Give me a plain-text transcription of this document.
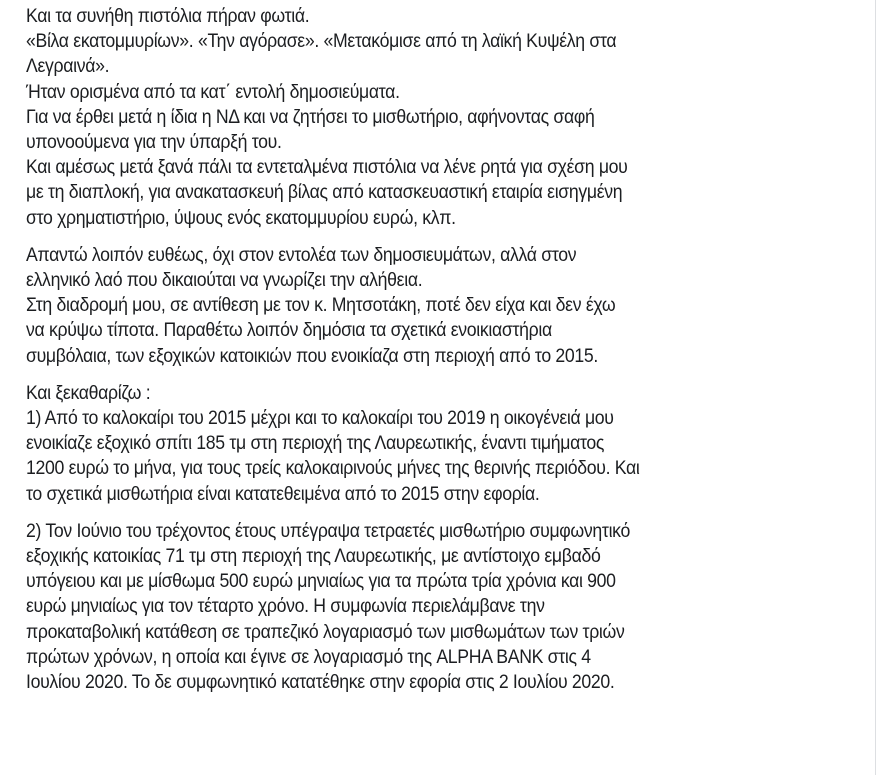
Και τα συνήθη πιστόλια πήραν φωτιά.
«Βίλα εκατομμυρίων». «Την αγόρασε». «Μετακόμισε από τη λαϊκή Κυψέλη στα
Λεγραινά».
Ήταν ορισμένα από τα κατ΄ εντολή δημοσιεύματα.
Για να έρθει μετά η ίδια η ΝΔ και να ζητήσει το μισθωτήριο, αφήνοντας σαφή
υπονοούμενα για την ύπαρξή του.
Και αμέσως μετά ξανά πάλι τα εντεταλμένα πιστόλια να λένε ρητά για σχέση μου
με τη διαπλοκή, για ανακατασκευή βίλας από κατασκευαστική εταιρία εισηγμένη
στο χρηματιστήριο, ύψους ενός εκατομμυρίου ευρώ, κλπ.

Απαντώ λοιπόν ευθέως, όχι στον εντολέα των δημοσιευμάτων, αλλά στον
ελληνικό λαό που δικαιούται να γνωρίζει την αλήθεια.
Στη διαδρομή μου, σε αντίθεση με τον κ. Μητσοτάκη, ποτέ δεν είχα και δεν έχω
να κρύψω τίποτα. Παραθέτω λοιπόν δημόσια τα σχετικά ενοικιαστήρια
συμβόλαια, των εξοχικών κατοικιών που ενοικίαζα στη περιοχή από το 2015.

Και ξεκαθαρίζω :
1) Από το καλοκαίρι του 2015 μέχρι και το καλοκαίρι του 2019 η οικογένειά μου
ενοικίαζε εξοχικό σπίτι 185 τμ στη περιοχή της Λαυρεωτικής, έναντι τιμήματος
1200 ευρώ το μήνα, για τους τρείς καλοκαιρινούς μήνες της θερινής περιόδου. Και
το σχετικά μισθωτήρια είναι κατατεθειμένα από το 2015 στην εφορία.

2) Τον Ιούνιο του τρέχοντος έτους υπέγραψα τετραετές μισθωτήριο συμφωνητικό
εξοχικής κατοικίας 71 τμ στη περιοχή της Λαυρεωτικής, με αντίστοιχο εμβαδό
υπόγειου και με μίσθωμα 500 ευρώ μηνιαίως για τα πρώτα τρία χρόνια και 900
ευρώ μηνιαίως για τον τέταρτο χρόνο. Η συμφωνία περιελάμβανε την
προκαταβολική κατάθεση σε τραπεζικό λογαριασμό των μισθωμάτων των τριών
πρώτων χρόνων, η οποία και έγινε σε λογαριασμό της ALPHA BANK στις 4
Ιουλίου 2020. Το δε συμφωνητικό κατατέθηκε στην εφορία στις 2 Ιουλίου 2020.
